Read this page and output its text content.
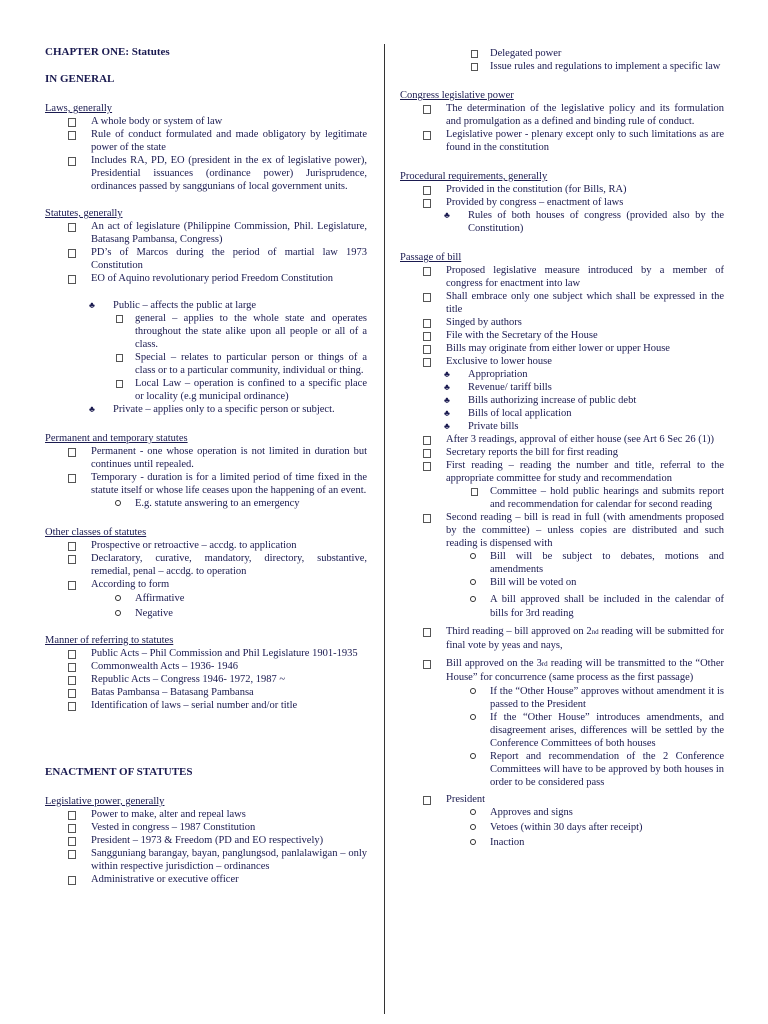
CHAPTER ONE: Statutes
IN GENERAL
Laws, generally
A whole body or system of law
Rule of conduct formulated and made obligatory by legitimate power of the state
Includes RA, PD, EO (president in the ex of legislative power), Presidential issuances (ordinance power) Jurisprudence, ordinances passed by sanggunians of local government units.
Statutes, generally
An act of legislature (Philippine Commission, Phil. Legislature, Batasang Pambansa, Congress)
PD’s of Marcos during the period of martial law 1973 Constitution
EO of Aquino revolutionary period Freedom Constitution
♣ Public – affects the public at large
general – applies to the whole state and operates throughout the state alike upon all people or all of a class.
Special – relates to particular person or things of a class or to a particular community, individual or thing.
Local Law – operation is confined to a specific place or locality (e.g municipal ordinance)
♣ Private – applies only to a specific person or subject.
Permanent and temporary statutes
Permanent - one whose operation is not limited in duration but continues until repealed.
Temporary - duration is for a limited period of time fixed in the statute itself or whose life ceases upon the happening of an event.
E.g. statute answering to an emergency
Other classes of statutes
Prospective or retroactive – accdg. to application
Declaratory, curative, mandatory, directory, substantive, remedial, penal – accdg. to operation
According to form
Affirmative
Negative
Manner of referring to statutes
Public Acts – Phil Commission and Phil Legislature 1901-1935
Commonwealth Acts – 1936- 1946
Republic Acts – Congress 1946- 1972, 1987 ~
Batas Pambansa – Batasang Pambansa
Identification of laws – serial number and/or title
ENACTMENT OF STATUTES
Legislative power, generally
Power to make, alter and repeal laws
Vested in congress – 1987 Constitution
President – 1973 & Freedom (PD and EO respectively)
Sangguniang barangay, bayan, panglungsod, panlalawigan – only within respective jurisdiction – ordinances
Administrative or executive officer
Delegated power
Issue rules and regulations to implement a specific law
Congress legislative power
The determination of the legislative policy and its formulation and promulgation as a defined and binding rule of conduct.
Legislative power - plenary except only to such limitations as are found in the constitution
Procedural requirements, generally
Provided in the constitution (for Bills, RA)
Provided by congress – enactment of laws
♣ Rules of both houses of congress (provided also by the Constitution)
Passage of bill
Proposed legislative measure introduced by a member of congress for enactment into law
Shall embrace only one subject which shall be expressed in the title
Singed by authors
File with the Secretary of the House
Bills may originate from either lower or upper House
Exclusive to lower house
♣ Appropriation
♣ Revenue/ tariff bills
♣ Bills authorizing increase of public debt
♣ Bills of local application
♣ Private bills
After 3 readings, approval of either house (see Art 6 Sec 26 (1))
Secretary reports the bill for first reading
First reading – reading the number and title, referral to the appropriate committee for study and recommendation
Committee – hold public hearings and submits report and recommendation for calendar for second reading
Second reading – bill is read in full (with amendments proposed by the committee) – unless copies are distributed and such reading is dispensed with
Bill will be subject to debates, motions and amendments
Bill will be voted on
A bill approved shall be included in the calendar of bills for 3rd reading
Third reading – bill approved on 2nd reading will be submitted for final vote by yeas and nays,
Bill approved on the 3rd reading will be transmitted to the “Other House” for concurrence (same process as the first passage)
If the “Other House” approves without amendment it is passed to the President
If the “Other House” introduces amendments, and disagreement arises, differences will be settled by the Conference Committees of both houses
Report and recommendation of the 2 Conference Committees will have to be approved by both houses in order to be considered pass
President
Approves and signs
Vetoes (within 30 days after receipt)
Inaction
